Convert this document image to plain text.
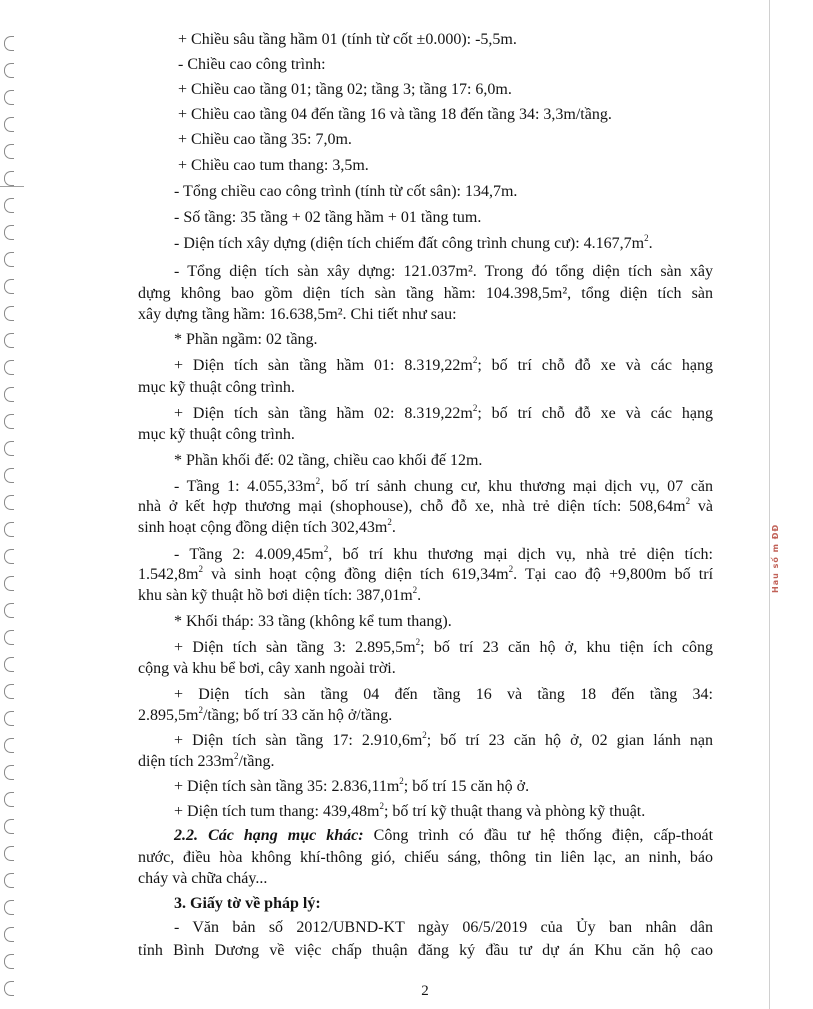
Hau số m ĐĐ
+ Chiều sâu tầng hầm 01 (tính từ cốt ±0.000): -5,5m.
- Chiều cao công trình:
+ Chiều cao tầng 01; tầng 02; tầng 3; tầng 17: 6,0m.
+ Chiều cao tầng 04 đến tầng 16 và tầng 18 đến tầng 34: 3,3m/tầng.
+ Chiều cao tầng 35: 7,0m.
+ Chiều cao tum thang: 3,5m.
- Tổng chiều cao công trình (tính từ cốt sân): 134,7m.
- Số tầng: 35 tầng + 02 tầng hầm + 01 tầng tum.
- Diện tích xây dựng (diện tích chiếm đất công trình chung cư): $4.167,7m^2$.
- Tổng diện tích sàn xây dựng: 121.037m². Trong đó tổng diện tích sàn xây
dựng không bao gồm diện tích sàn tầng hầm: 104.398,5m², tổng diện tích sàn
xây dựng tầng hầm: 16.638,5m². Chi tiết như sau:
* Phần ngầm: 02 tầng.
+ Diện tích sàn tầng hầm 01: $8.319,22m^2$; bố trí chỗ đỗ xe và các hạng
mục kỹ thuật công trình.
+ Diện tích sàn tầng hầm 02: $8.319,22m^2$; bố trí chỗ đỗ xe và các hạng
mục kỹ thuật công trình.
* Phần khối đế: 02 tầng, chiều cao khối đế 12m.
- Tầng 1: $4.055,33m^2$, bố trí sảnh chung cư, khu thương mại dịch vụ, 07 căn
nhà ở kết hợp thương mại (shophouse), chỗ đỗ xe, nhà trẻ diện tích: $508,64m^2$ và
sinh hoạt cộng đồng diện tích $302,43m^2$.
- Tầng 2: $4.009,45m^2$, bố trí khu thương mại dịch vụ, nhà trẻ diện tích:
$1.542,8m^2$ và sinh hoạt cộng đồng diện tích $619,34m^2$. Tại cao độ +9,800m bố trí
khu sàn kỹ thuật hồ bơi diện tích: $387,01m^2$.
* Khối tháp: 33 tầng (không kể tum thang).
+ Diện tích sàn tầng 3: $2.895,5m^2$; bố trí 23 căn hộ ở, khu tiện ích công
cộng và khu bể bơi, cây xanh ngoài trời.
+ Diện tích sàn tầng 04 đến tầng 16 và tầng 18 đến tầng 34:
$2.895,5m^2$/tầng; bố trí 33 căn hộ ở/tầng.
+ Diện tích sàn tầng 17: $2.910,6m^2$; bố trí 23 căn hộ ở, 02 gian lánh nạn
diện tích $233m^2$/tầng.
+ Diện tích sàn tầng 35: $2.836,11m^2$; bố trí 15 căn hộ ở.
+ Diện tích tum thang: $439,48m^2$; bố trí kỹ thuật thang và phòng kỹ thuật.
2.2. Các hạng mục khác: Công trình có đầu tư hệ thống điện, cấp-thoát
nước, điều hòa không khí-thông gió, chiếu sáng, thông tin liên lạc, an ninh, báo
cháy và chữa cháy...
3. Giấy tờ về pháp lý:
- Văn bản số 2012/UBND-KT ngày 06/5/2019 của Ủy ban nhân dân
tỉnh Bình Dương về việc chấp thuận đăng ký đầu tư dự án Khu căn hộ cao
2
